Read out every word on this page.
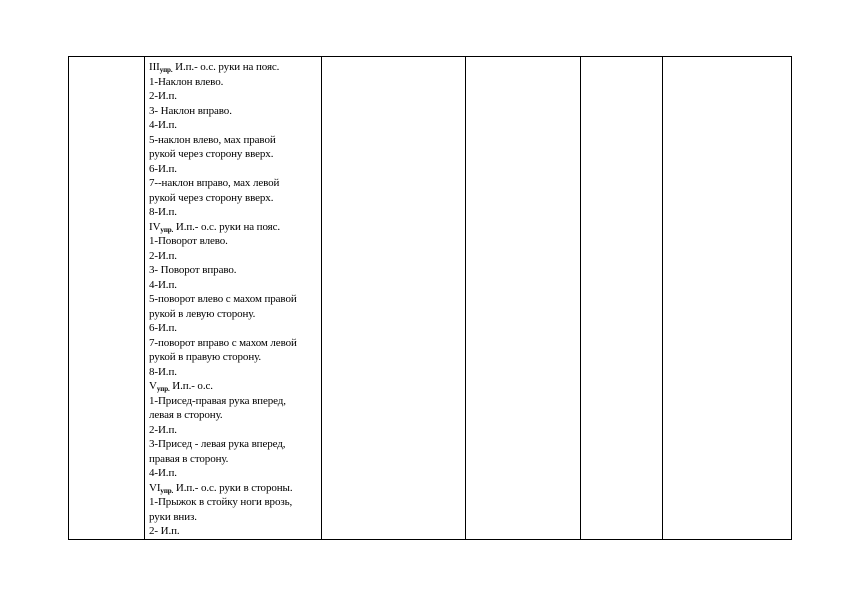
$III_{упр.}$ И.п.- о.с. руки на пояс.
1-Наклон влево.
2-И.п.
3- Наклон вправо.
4-И.п.
5-наклон влево, мах правой
рукой через сторону вверх.
6-И.п.
7--наклон вправо, мах левой
рукой через сторону вверх.
8-И.п.
$IV_{упр.}$ И.п.- о.с. руки на пояс.
1-Поворот влево.
2-И.п.
3- Поворот вправо.
4-И.п.
5-поворот влево с махом правой
рукой в левую сторону.
6-И.п.
7-поворот вправо с махом левой
рукой в правую сторону.
8-И.п.
$V_{упр.}$ И.п.- о.с.
1-Присед-правая рука вперед,
левая в сторону.
2-И.п.
3-Присед - левая рука вперед,
правая в сторону.
4-И.п.
$VI_{упр.}$ И.п.- о.с. руки в стороны.
1-Прыжок в стойку ноги врозь,
руки вниз.
2- И.п.
